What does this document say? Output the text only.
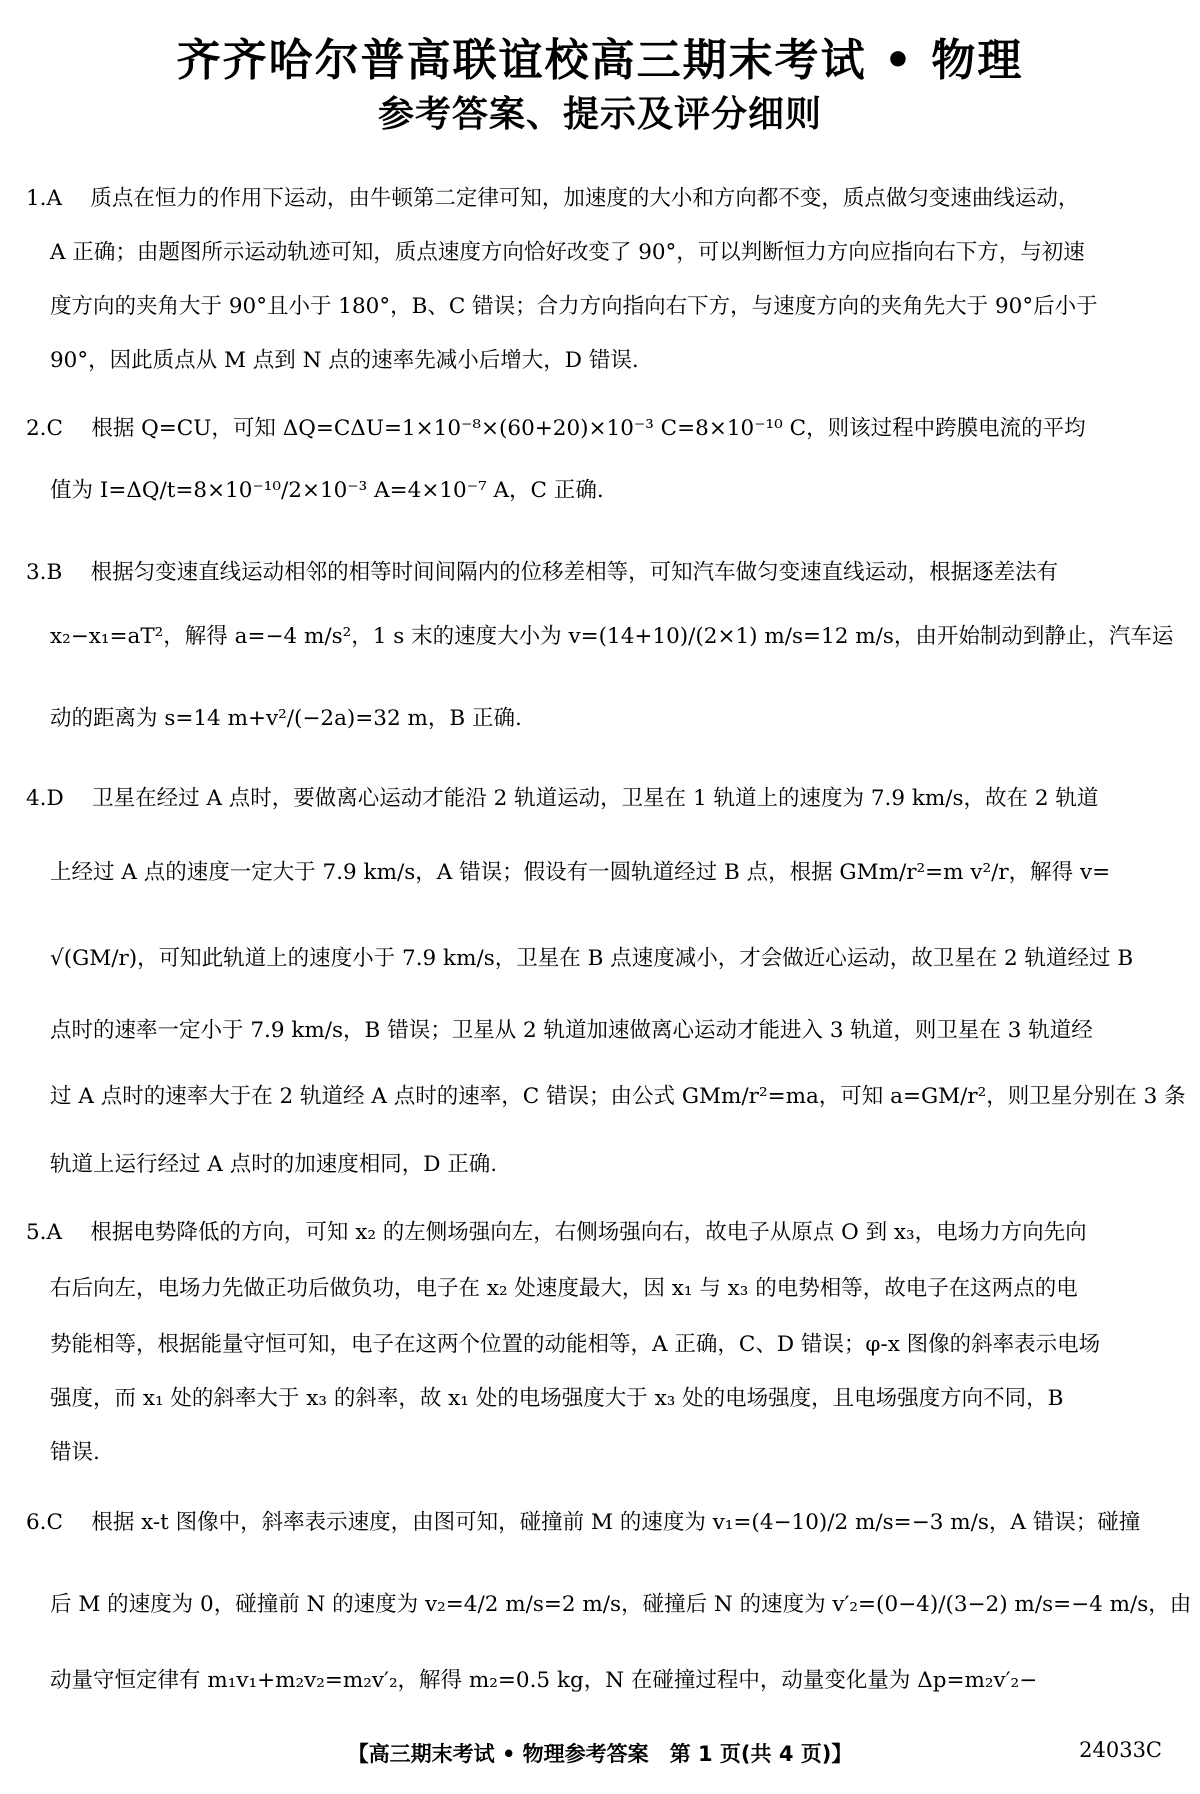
齐齐哈尔普高联谊校高三期末考试 • 物理
参考答案、提示及评分细则
1.A　 质点在恒力的作用下运动，由牛顿第二定律可知，加速度的大小和方向都不变，质点做匀变速曲线运动，
A 正确；由题图所示运动轨迹可知，质点速度方向恰好改变了 90°，可以判断恒力方向应指向右下方，与初速
度方向的夹角大于 90°且小于 180°，B、C 错误；合力方向指向右下方，与速度方向的夹角先大于 90°后小于
90°，因此质点从 M 点到 N 点的速率先减小后增大，D 错误.
2.C　 根据 Q=CU，可知 ΔQ=CΔU=1×10⁻⁸×(60+20)×10⁻³ C=8×10⁻¹⁰ C，则该过程中跨膜电流的平均
值为 I=ΔQ/t=8×10⁻¹⁰/2×10⁻³ A=4×10⁻⁷ A，C 正确.
3.B　 根据匀变速直线运动相邻的相等时间间隔内的位移差相等，可知汽车做匀变速直线运动，根据逐差法有
x₂−x₁=aT²，解得 a=−4 m/s²，1 s 末的速度大小为 v=(14+10)/(2×1) m/s=12 m/s，由开始制动到静止，汽车运
动的距离为 s=14 m+v²/(−2a)=32 m，B 正确.
4.D　 卫星在经过 A 点时，要做离心运动才能沿 2 轨道运动，卫星在 1 轨道上的速度为 7.9 km/s，故在 2 轨道
上经过 A 点的速度一定大于 7.9 km/s，A 错误；假设有一圆轨道经过 B 点，根据 GMm/r²=m v²/r，解得 v=
√(GM/r)，可知此轨道上的速度小于 7.9 km/s，卫星在 B 点速度减小，才会做近心运动，故卫星在 2 轨道经过 B
点时的速率一定小于 7.9 km/s，B 错误；卫星从 2 轨道加速做离心运动才能进入 3 轨道，则卫星在 3 轨道经
过 A 点时的速率大于在 2 轨道经 A 点时的速率，C 错误；由公式 GMm/r²=ma，可知 a=GM/r²，则卫星分别在 3 条
轨道上运行经过 A 点时的加速度相同，D 正确.
5.A　 根据电势降低的方向，可知 x₂ 的左侧场强向左，右侧场强向右，故电子从原点 O 到 x₃，电场力方向先向
右后向左，电场力先做正功后做负功，电子在 x₂ 处速度最大，因 x₁ 与 x₃ 的电势相等，故电子在这两点的电
势能相等，根据能量守恒可知，电子在这两个位置的动能相等，A 正确，C、D 错误；φ-x 图像的斜率表示电场
强度，而 x₁ 处的斜率大于 x₃ 的斜率，故 x₁ 处的电场强度大于 x₃ 处的电场强度，且电场强度方向不同，B
错误.
6.C　 根据 x-t 图像中，斜率表示速度，由图可知，碰撞前 M 的速度为 v₁=(4−10)/2 m/s=−3 m/s，A 错误；碰撞
后 M 的速度为 0，碰撞前 N 的速度为 v₂=4/2 m/s=2 m/s，碰撞后 N 的速度为 v′₂=(0−4)/(3−2) m/s=−4 m/s，由
动量守恒定律有 m₁v₁+m₂v₂=m₂v′₂，解得 m₂=0.5 kg，N 在碰撞过程中，动量变化量为 Δp=m₂v′₂−
【高三期末考试 • 物理参考答案　第 1 页(共 4 页)】	24033C
